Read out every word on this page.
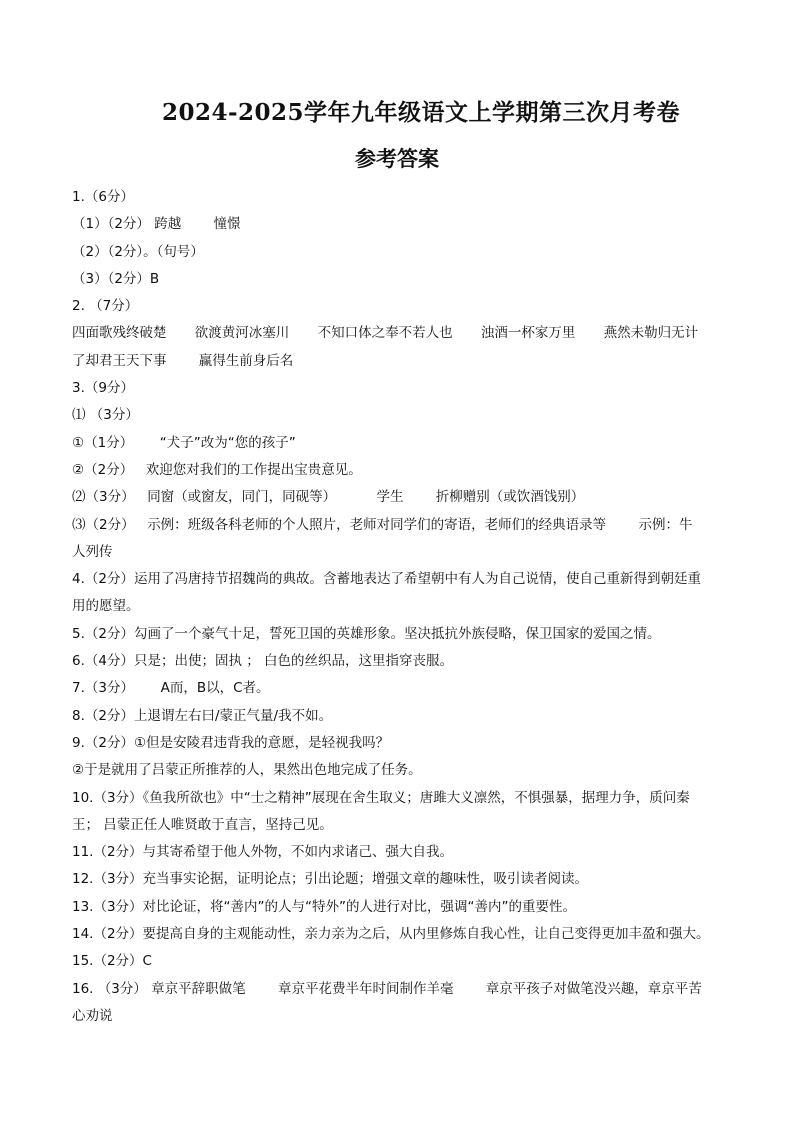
2024-2025学年九年级语文上学期第三次月考卷
参考答案
1.（6分）
（1）（2分） 跨越 憧憬
（2）（2分）。（句号）
（3）（2分）B
2. （7分）
四面歌残终破楚 欲渡黄河冰塞川 不知口体之奉不若人也 浊酒一杯家万里 燕然未勒归无计
了却君王天下事 赢得生前身后名
3.（9分）
⑴ （3分）
①（1分） “犬子”改为“您的孩子”
②（2分） 欢迎您对我们的工作提出宝贵意见。
⑵（3分） 同窗（或窗友，同门，同砚等）	学生 折柳赠别（或饮酒饯别）
⑶（2分） 示例：班级各科老师的个人照片，老师对同学们的寄语，老师们的经典语录等 示例：牛
人列传
4.（2分）运用了冯唐持节招魏尚的典故。含蓄地表达了希望朝中有人为自己说情，使自己重新得到朝廷重
用的愿望。
5.（2分）勾画了一个豪气十足，誓死卫国的英雄形象。坚决抵抗外族侵略，保卫国家的爱国之情。
6.（4分）只是；出使；固执 ； 白色的丝织品，这里指穿丧服。
7.（3分） A而，B以，C者。
8.（2分）上退谓左右曰/蒙正气量/我不如。
9.（2分）①但是安陵君违背我的意愿，是轻视我吗？
②于是就用了吕蒙正所推荐的人，果然出色地完成了任务。
10.（3分）《鱼我所欲也》中“士之精神”展现在舍生取义；唐雎大义凛然，不惧强暴，据理力争，质问秦
王； 吕蒙正任人唯贤敢于直言，坚持己见。
11.（2分）与其寄希望于他人外物，不如内求诸己、强大自我。
12.（3分）充当事实论据，证明论点；引出论题；增强文章的趣味性，吸引读者阅读。
13.（3分）对比论证，将“善内”的人与“特外”的人进行对比，强调“善内”的重要性。
14.（2分）要提高自身的主观能动性，亲力亲为之后，从内里修炼自我心性，让自己变得更加丰盈和强大。
15.（2分）C
16. （3分） 章京平辞职做笔 章京平花费半年时间制作羊毫 章京平孩子对做笔没兴趣，章京平苦
心劝说
